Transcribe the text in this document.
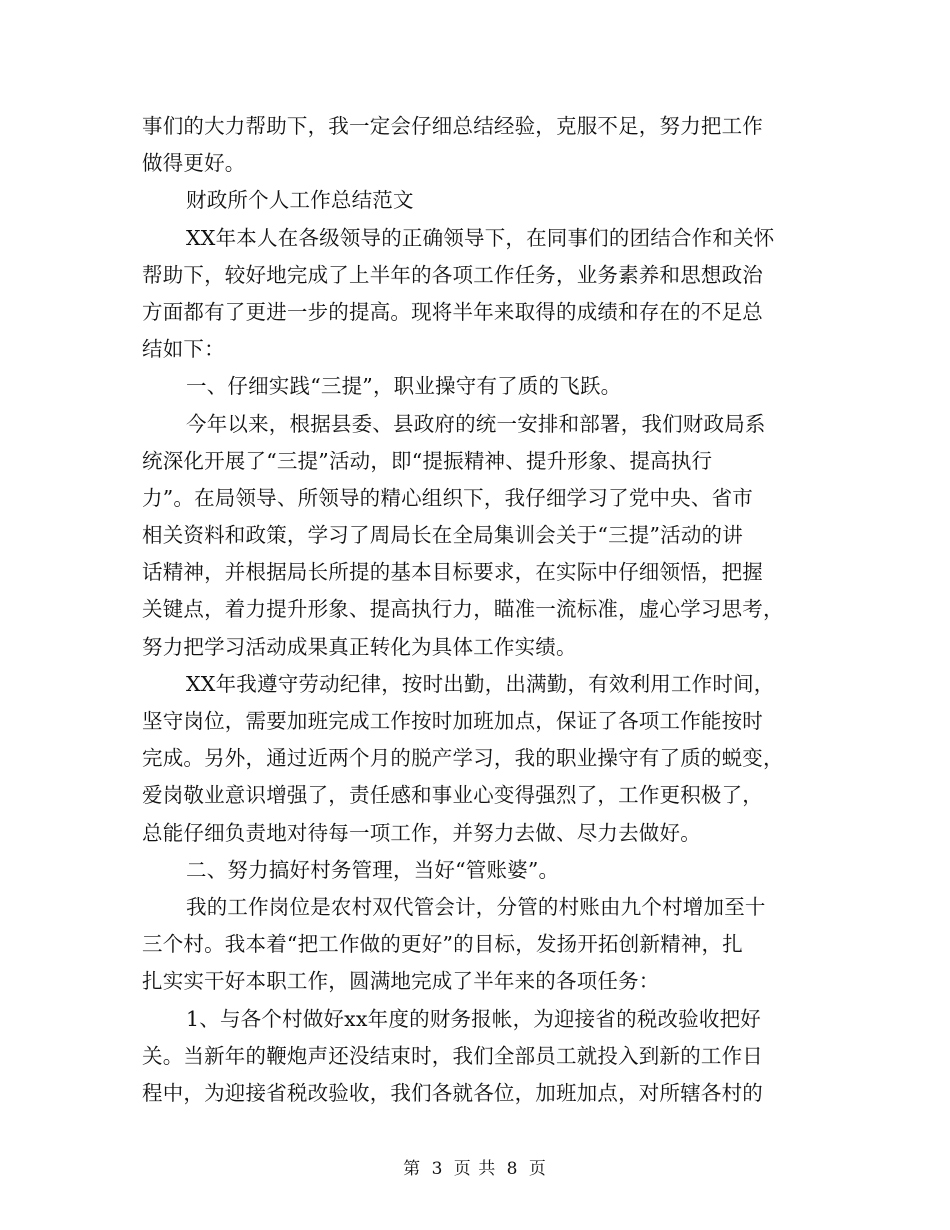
事们的大力帮助下，我一定会仔细总结经验，克服不足，努力把工作
做得更好。
财政所个人工作总结范文
XX年本人在各级领导的正确领导下，在同事们的团结合作和关怀
帮助下，较好地完成了上半年的各项工作任务，业务素养和思想政治
方面都有了更进一步的提高。现将半年来取得的成绩和存在的不足总
结如下：
一、仔细实践“三提”，职业操守有了质的飞跃。
今年以来，根据县委、县政府的统一安排和部署，我们财政局系
统深化开展了“三提”活动，即“提振精神、提升形象、提高执行
力”。在局领导、所领导的精心组织下，我仔细学习了党中央、省市
相关资料和政策，学习了周局长在全局集训会关于“三提”活动的讲
话精神，并根据局长所提的基本目标要求，在实际中仔细领悟，把握
关键点，着力提升形象、提高执行力，瞄准一流标准，虚心学习思考，
努力把学习活动成果真正转化为具体工作实绩。
XX年我遵守劳动纪律，按时出勤，出满勤，有效利用工作时间，
坚守岗位，需要加班完成工作按时加班加点，保证了各项工作能按时
完成。另外，通过近两个月的脱产学习，我的职业操守有了质的蜕变，
爱岗敬业意识增强了，责任感和事业心变得强烈了，工作更积极了，
总能仔细负责地对待每一项工作，并努力去做、尽力去做好。
二、努力搞好村务管理，当好“管账婆”。
我的工作岗位是农村双代管会计，分管的村账由九个村增加至十
三个村。我本着“把工作做的更好”的目标，发扬开拓创新精神，扎
扎实实干好本职工作，圆满地完成了半年来的各项任务：
1、与各个村做好xx年度的财务报帐，为迎接省的税改验收把好
关。当新年的鞭炮声还没结束时，我们全部员工就投入到新的工作日
程中，为迎接省税改验收，我们各就各位，加班加点，对所辖各村的
第 3 页 共 8 页
